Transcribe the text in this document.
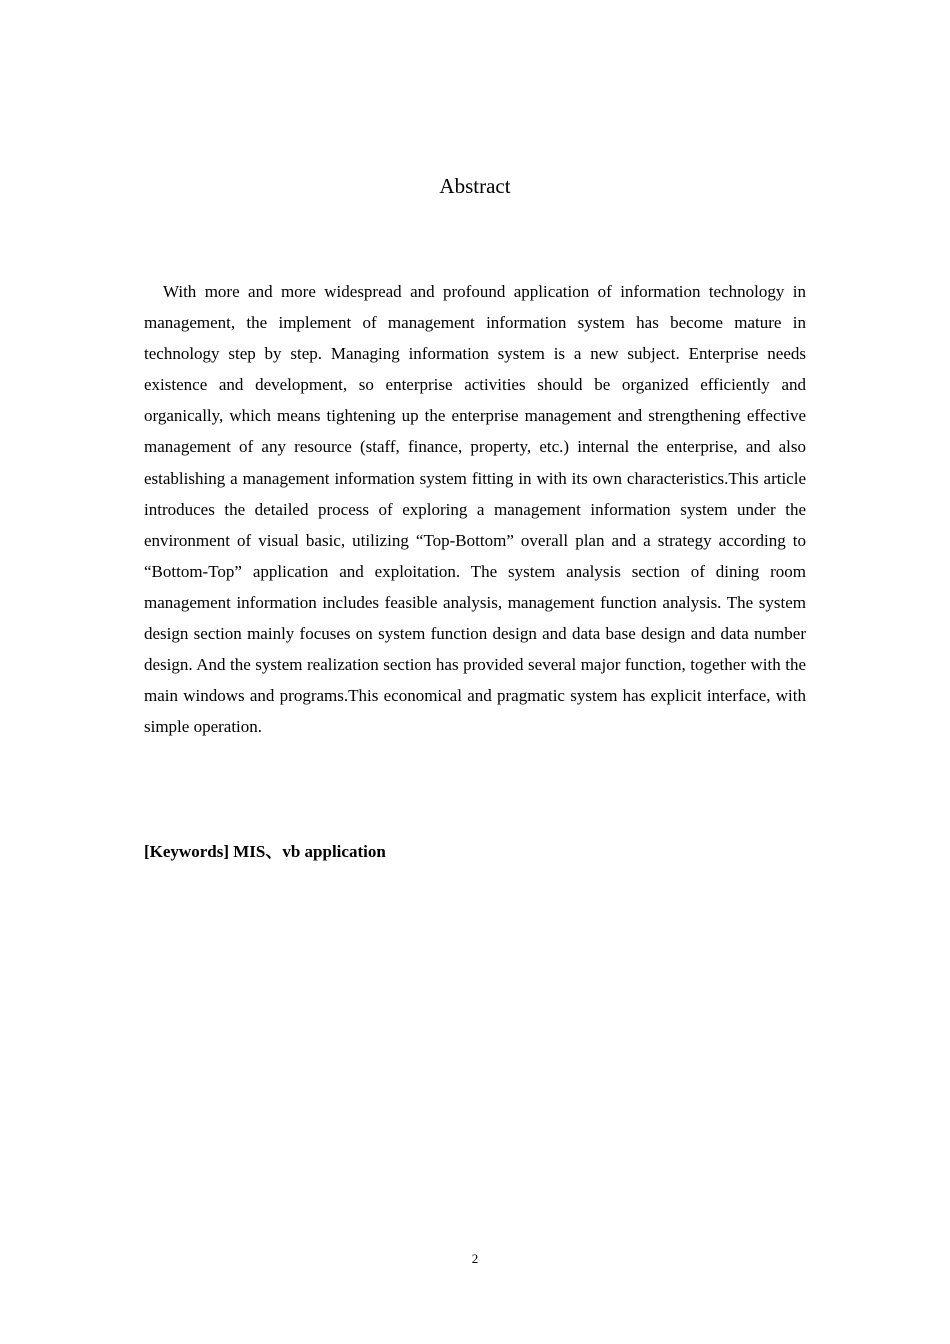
Abstract

With more and more widespread and profound application of information technology in management, the implement of management information system has become mature in technology step by step. Managing information system is a new subject. Enterprise needs existence and development, so enterprise activities should be organized efficiently and organically, which means tightening up the enterprise management and strengthening effective management of any resource (staff, finance, property, etc.) internal the enterprise, and also establishing a management information system fitting in with its own characteristics.This article introduces the detailed process of exploring a management information system under the environment of visual basic, utilizing “Top-Bottom” overall plan and a strategy according to “Bottom-Top” application and exploitation. The system analysis section of dining room management information includes feasible analysis, management function analysis. The system design section mainly focuses on system function design and data base design and data number design. And the system realization section has provided several major function, together with the main windows and programs.This economical and pragmatic system has explicit interface, with simple operation.

[Keywords] MIS、vb application

2
